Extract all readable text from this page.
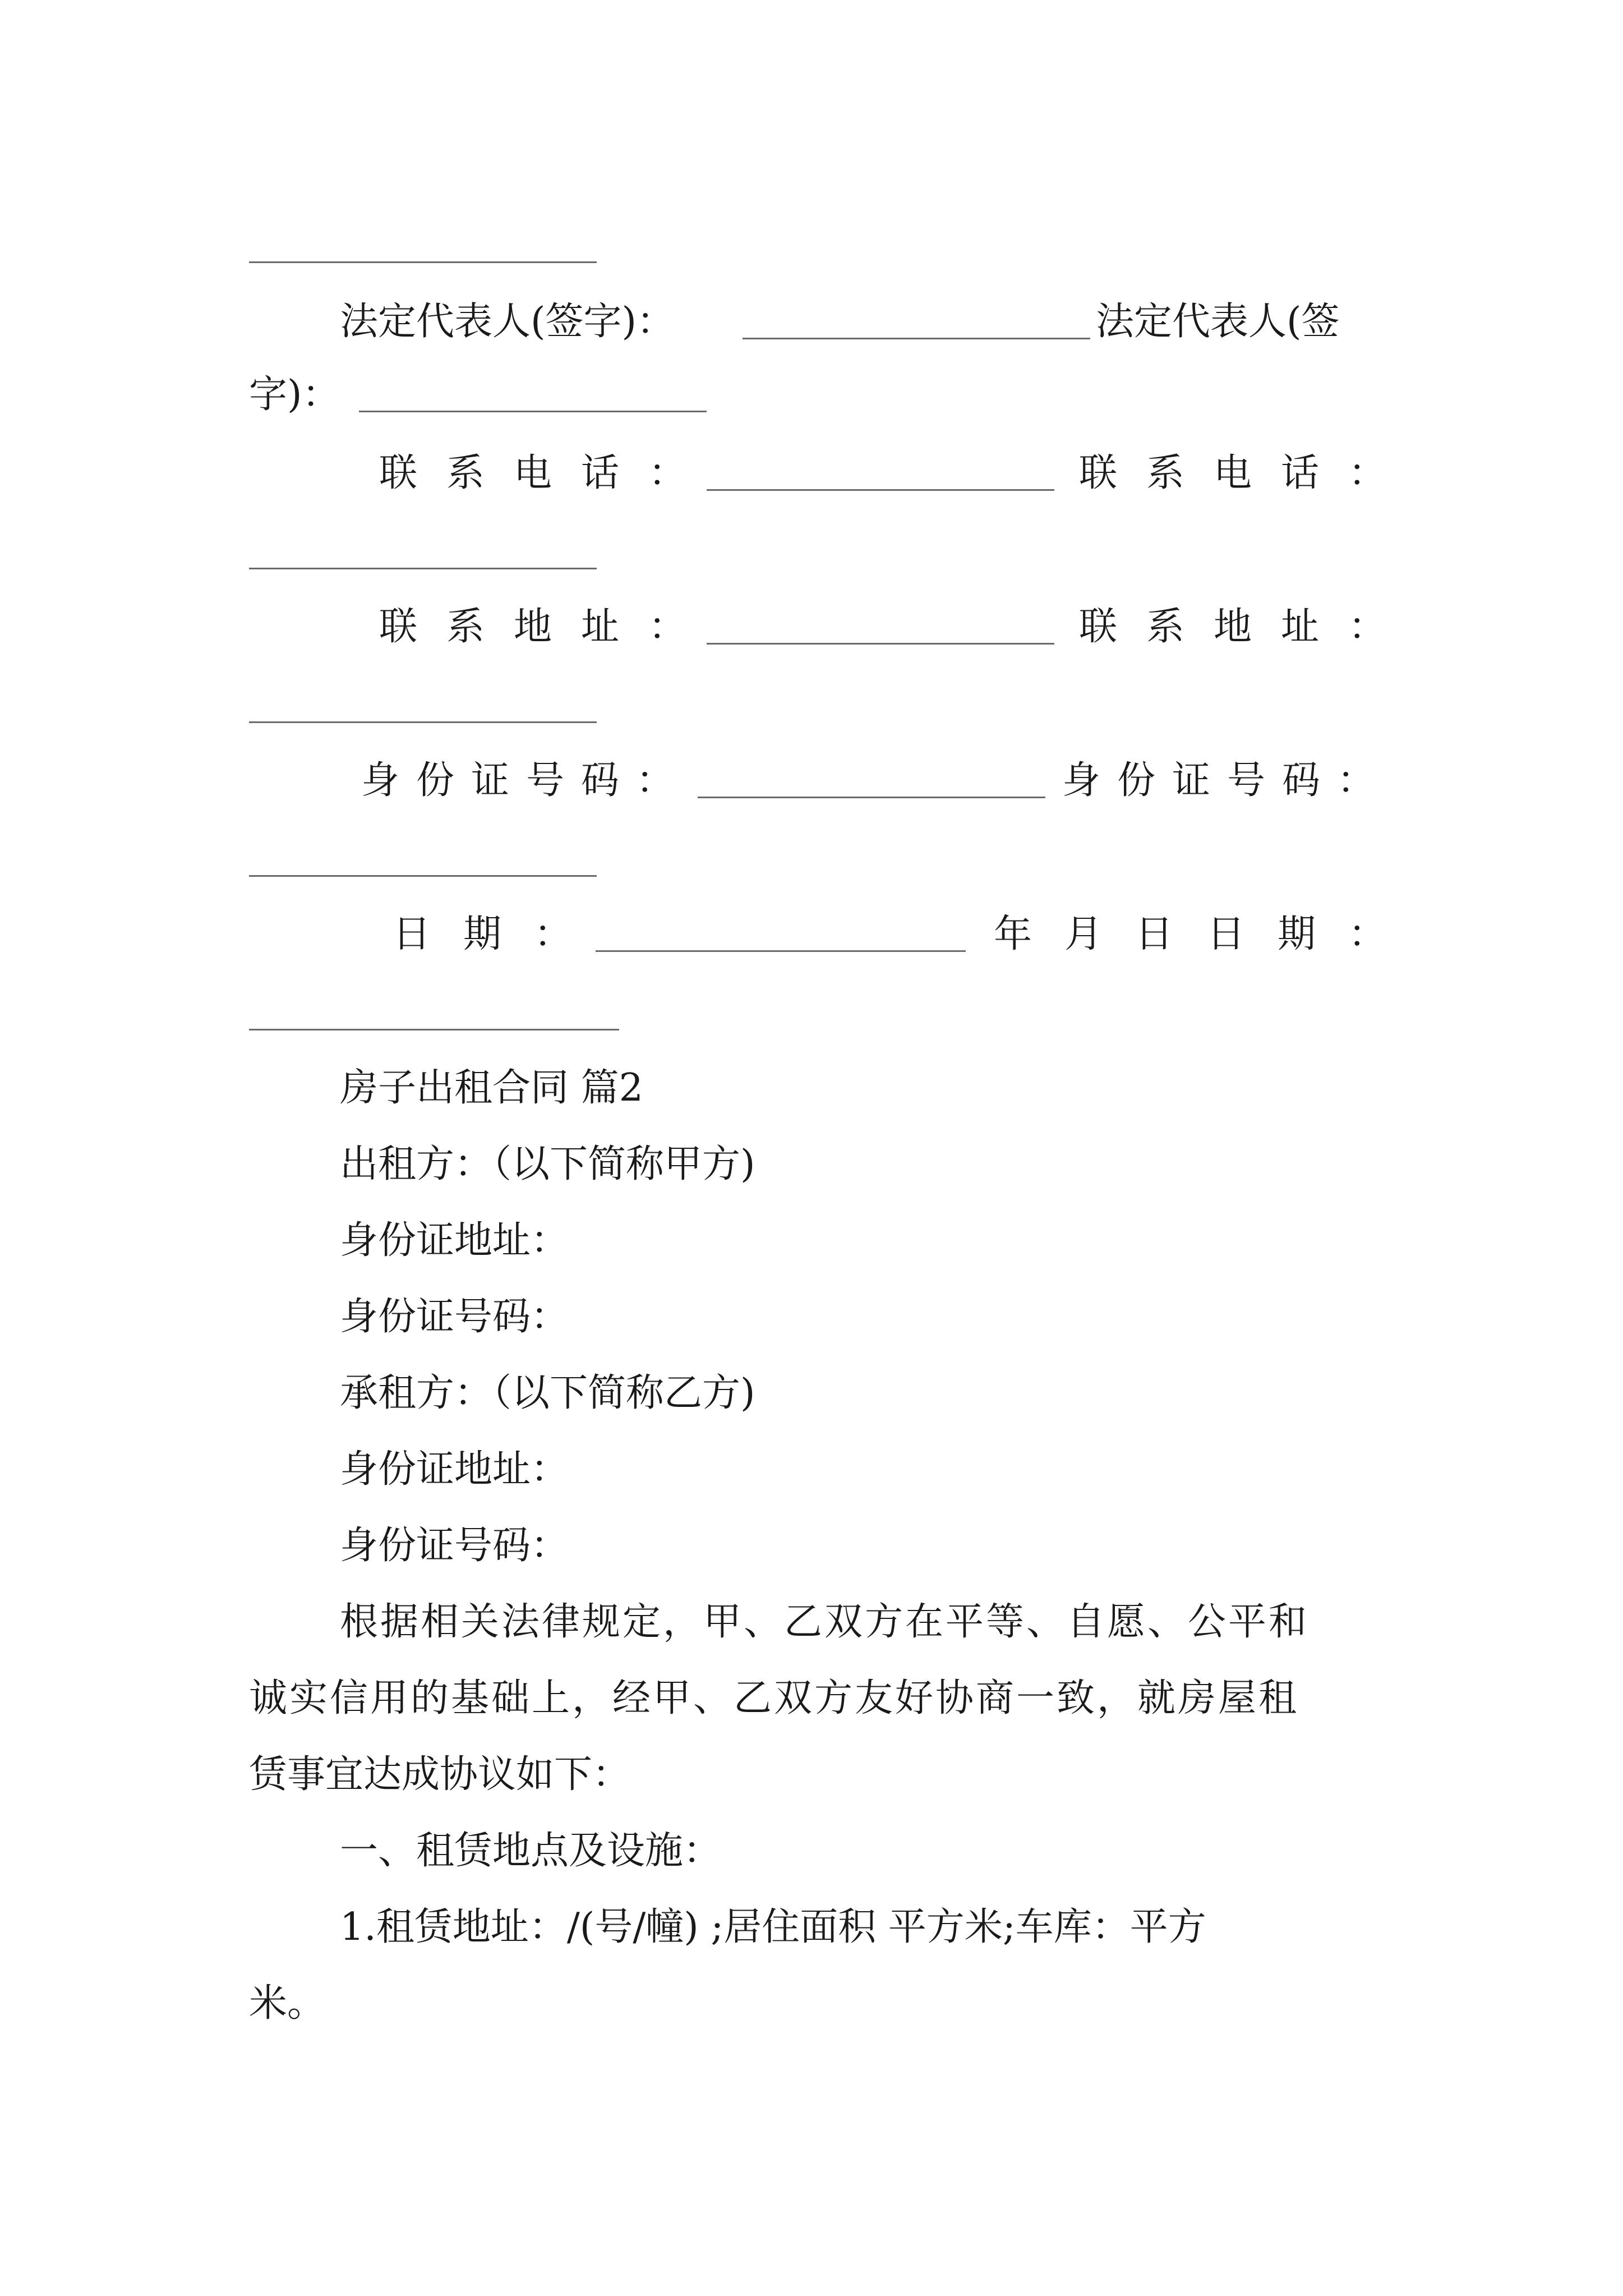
法定代表人(签字)：	法定代表人(签
字)：
联系电话：	联系电话：
联系地址：	联系地址：
身份证号码：	身份证号码：
日期：	年月日 日期：

房子出租合同 篇2

出租方：（以下简称甲方)

身份证地址：

身份证号码：

承租方：（以下简称乙方)

身份证地址：

身份证号码：

根据相关法律规定，甲、乙双方在平等、自愿、公平和

诚实信用的基础上，经甲、乙双方友好协商一致，就房屋租

赁事宜达成协议如下：

一、租赁地点及设施：

1.租赁地址：/(号/幢) ;居住面积 平方米;车库：平方

米。
